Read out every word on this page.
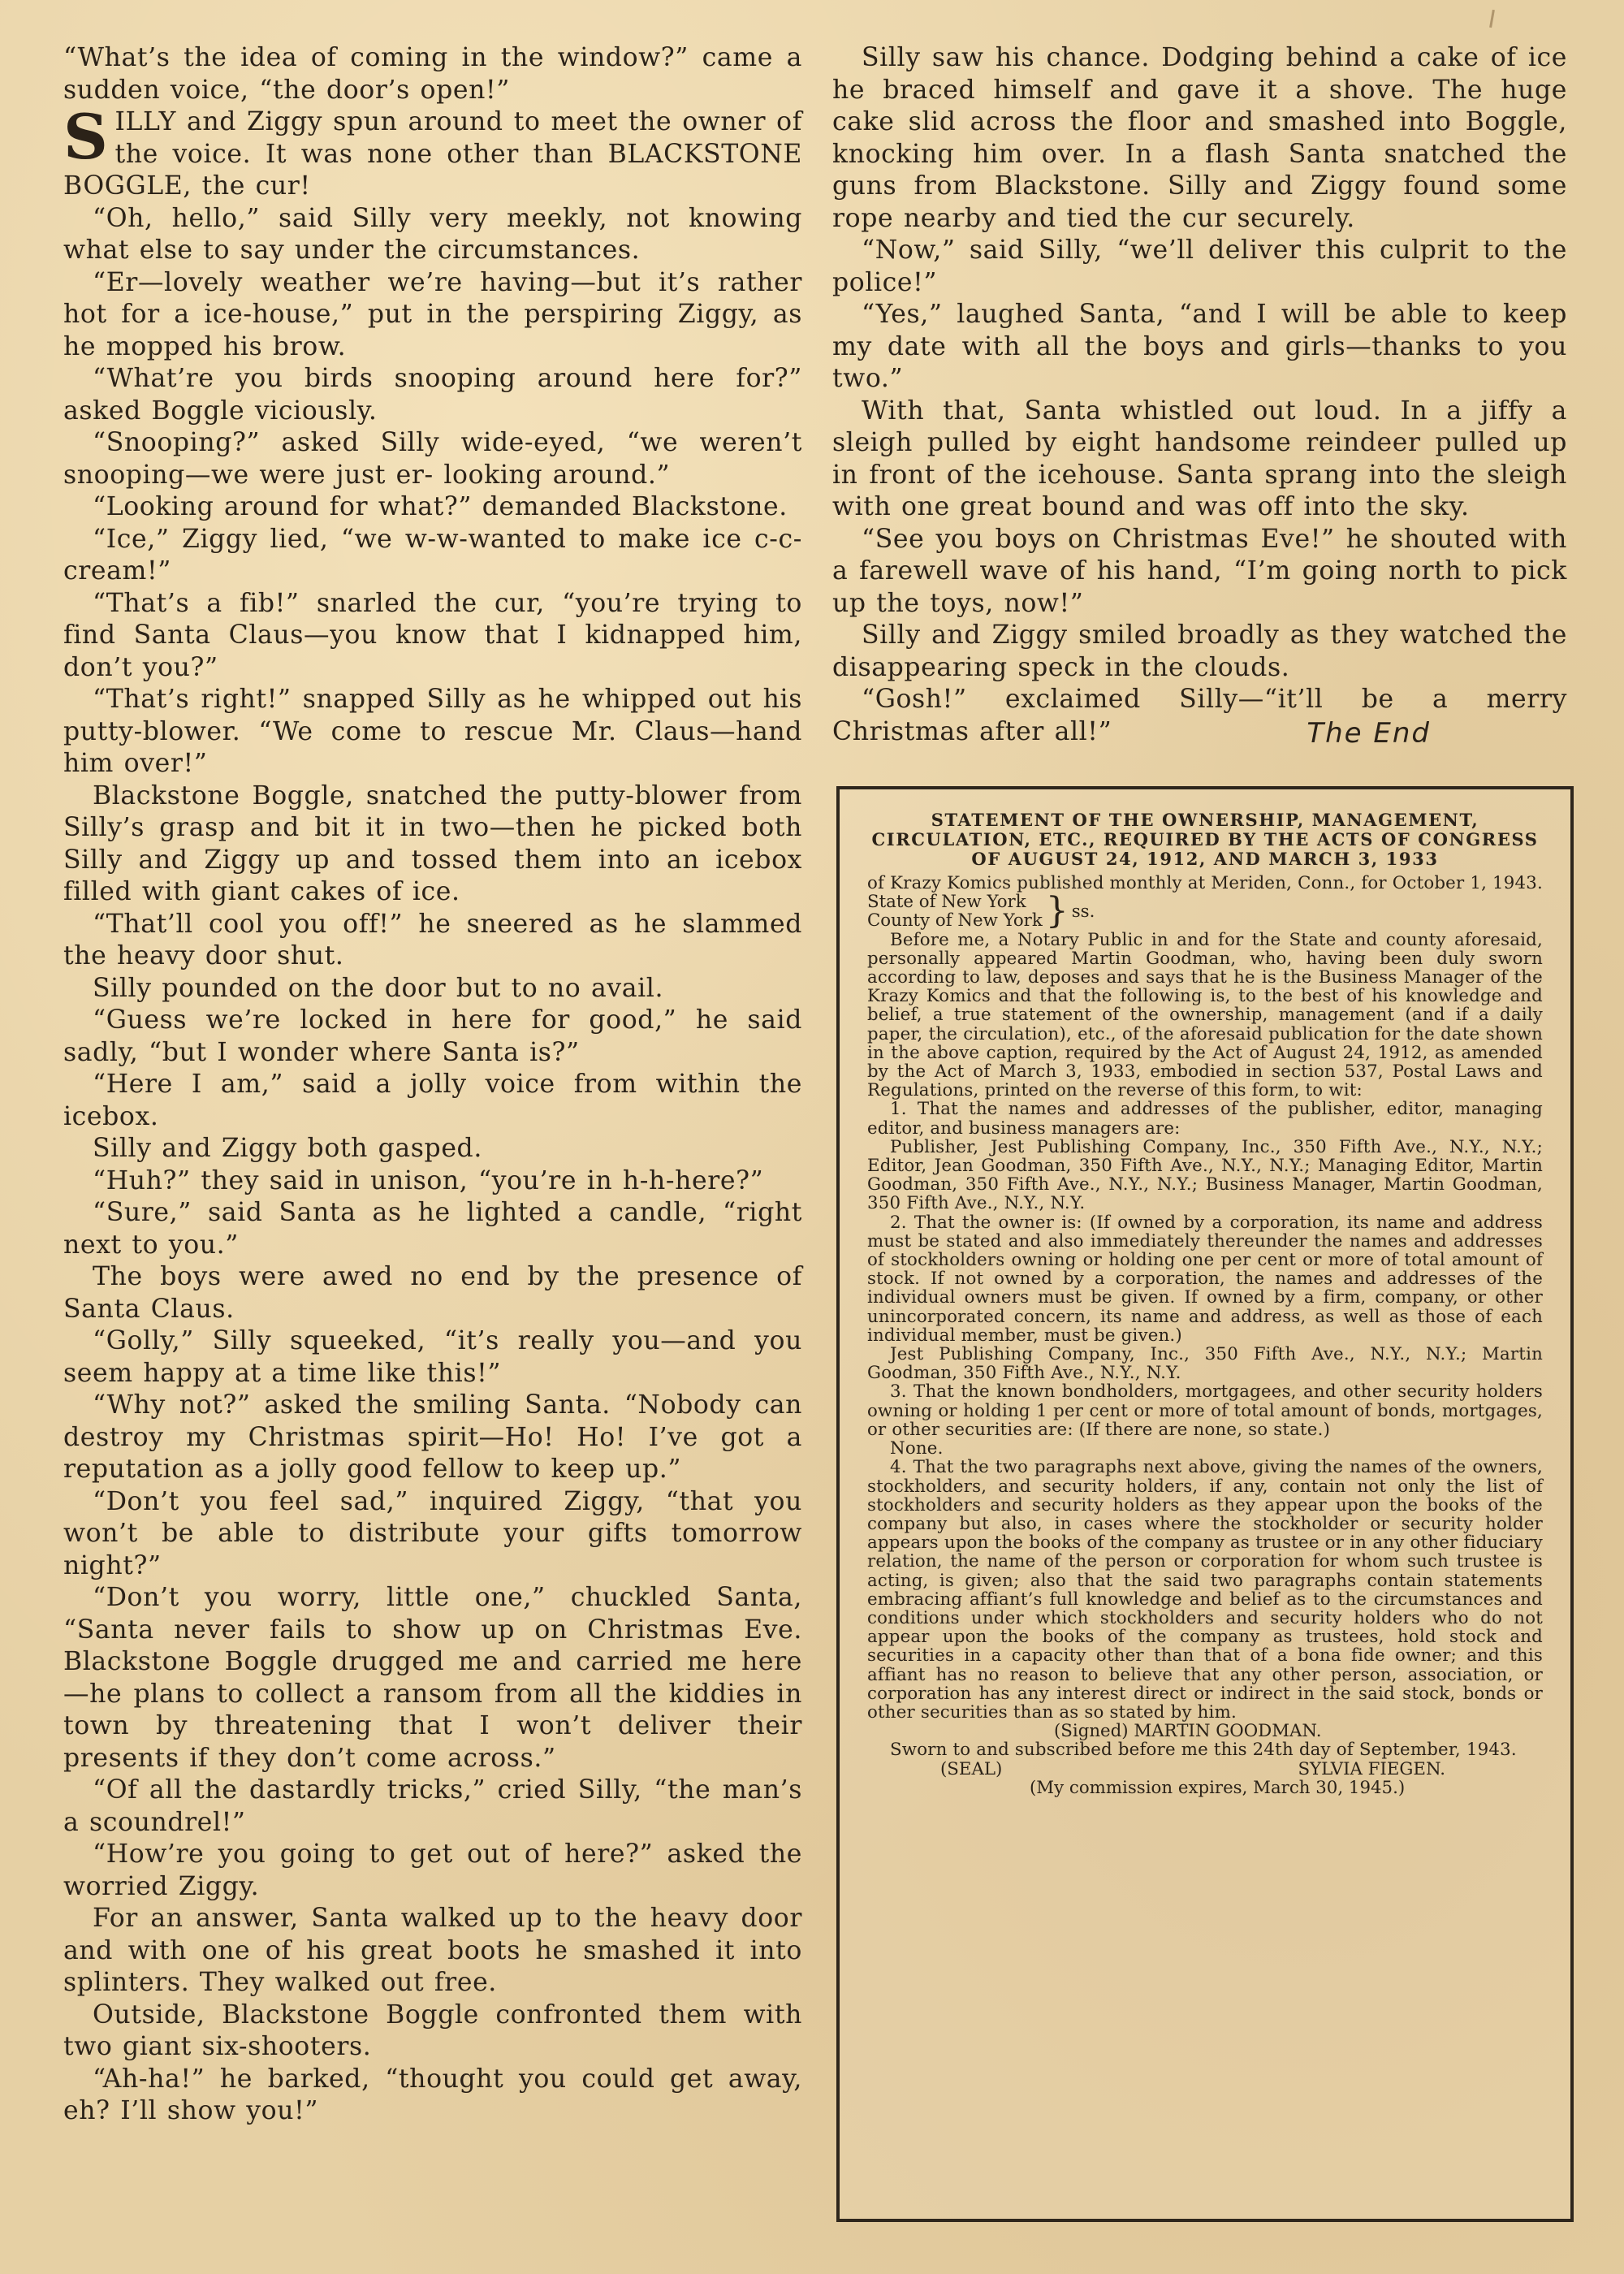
“What’s the idea of coming in the window?” came a sudden voice, “the door’s open!”

SILLY and Ziggy spun around to meet the owner of the voice. It was none other than BLACKSTONE BOGGLE, the cur!

“Oh, hello,” said Silly very meekly, not knowing what else to say under the circumstances.

“Er—lovely weather we’re having—but it’s rather hot for a ice-house,” put in the perspiring Ziggy, as he mopped his brow.

“What’re you birds snooping around here for?” asked Boggle viciously.

“Snooping?” asked Silly wide-eyed, “we weren’t snooping—we were just er- looking around.”

“Looking around for what?” demanded Blackstone.

“Ice,” Ziggy lied, “we w-w-wanted to make ice c-c-cream!”

“That’s a fib!” snarled the cur, “you’re trying to find Santa Claus—you know that I kidnapped him, don’t you?”

“That’s right!” snapped Silly as he whipped out his putty-blower. “We come to rescue Mr. Claus—hand him over!”

Blackstone Boggle, snatched the putty-blower from Silly’s grasp and bit it in two—then he picked both Silly and Ziggy up and tossed them into an icebox filled with giant cakes of ice.

“That’ll cool you off!” he sneered as he slammed the heavy door shut.

Silly pounded on the door but to no avail.

“Guess we’re locked in here for good,” he said sadly, “but I wonder where Santa is?”

“Here I am,” said a jolly voice from within the icebox.

Silly and Ziggy both gasped.

“Huh?” they said in unison, “you’re in h-h-here?”

“Sure,” said Santa as he lighted a candle, “right next to you.”

The boys were awed no end by the presence of Santa Claus.

“Golly,” Silly squeeked, “it’s really you—and you seem happy at a time like this!”

“Why not?” asked the smiling Santa. “Nobody can destroy my Christmas spirit—Ho! Ho! I’ve got a reputation as a jolly good fellow to keep up.”

“Don’t you feel sad,” inquired Ziggy, “that you won’t be able to distribute your gifts tomorrow night?”

“Don’t you worry, little one,” chuckled Santa, “Santa never fails to show up on Christmas Eve. Blackstone Boggle drugged me and carried me here—he plans to collect a ransom from all the kiddies in town by threatening that I won’t deliver their presents if they don’t come across.”

“Of all the dastardly tricks,” cried Silly, “the man’s a scoundrel!”

“How’re you going to get out of here?” asked the worried Ziggy.

For an answer, Santa walked up to the heavy door and with one of his great boots he smashed it into splinters. They walked out free.

Outside, Blackstone Boggle confronted them with two giant six-shooters.

“Ah-ha!” he barked, “thought you could get away, eh? I’ll show you!”

Silly saw his chance. Dodging behind a cake of ice he braced himself and gave it a shove. The huge cake slid across the floor and smashed into Boggle, knocking him over. In a flash Santa snatched the guns from Blackstone. Silly and Ziggy found some rope nearby and tied the cur securely.

“Now,” said Silly, “we’ll deliver this culprit to the police!”

“Yes,” laughed Santa, “and I will be able to keep my date with all the boys and girls—thanks to you two.”

With that, Santa whistled out loud. In a jiffy a sleigh pulled by eight handsome reindeer pulled up in front of the icehouse. Santa sprang into the sleigh with one great bound and was off into the sky.

“See you boys on Christmas Eve!” he shouted with a farewell wave of his hand, “I’m going north to pick up the toys, now!”

Silly and Ziggy smiled broadly as they watched the disappearing speck in the clouds.

“Gosh!” exclaimed Silly—“it’ll be a merry Christmas after all!”	The End

STATEMENT OF THE OWNERSHIP, MANAGEMENT, CIRCULATION, ETC., REQUIRED BY THE ACTS OF CONGRESS OF AUGUST 24, 1912, AND MARCH 3, 1933

of Krazy Komics published monthly at Meriden, Conn., for October 1, 1943.

State of New York
County of New York } ss.

Before me, a Notary Public in and for the State and county aforesaid, personally appeared Martin Goodman, who, having been duly sworn according to law, deposes and says that he is the Business Manager of the Krazy Komics and that the following is, to the best of his knowledge and belief, a true statement of the ownership, management (and if a daily paper, the circulation), etc., of the aforesaid publication for the date shown in the above caption, required by the Act of August 24, 1912, as amended by the Act of March 3, 1933, embodied in section 537, Postal Laws and Regulations, printed on the reverse of this form, to wit:

1. That the names and addresses of the publisher, editor, managing editor, and business managers are:

Publisher, Jest Publishing Company, Inc., 350 Fifth Ave., N.Y., N.Y.; Editor, Jean Goodman, 350 Fifth Ave., N.Y., N.Y.; Managing Editor, Martin Goodman, 350 Fifth Ave., N.Y., N.Y.; Business Manager, Martin Goodman, 350 Fifth Ave., N.Y., N.Y.

2. That the owner is: (If owned by a corporation, its name and address must be stated and also immediately thereunder the names and addresses of stockholders owning or holding one per cent or more of total amount of stock. If not owned by a corporation, the names and addresses of the individual owners must be given. If owned by a firm, company, or other unincorporated concern, its name and address, as well as those of each individual member, must be given.)

Jest Publishing Company, Inc., 350 Fifth Ave., N.Y., N.Y.; Martin Goodman, 350 Fifth Ave., N.Y., N.Y.

3. That the known bondholders, mortgagees, and other security holders owning or holding 1 per cent or more of total amount of bonds, mortgages, or other securities are: (If there are none, so state.)

None.

4. That the two paragraphs next above, giving the names of the owners, stockholders, and security holders, if any, contain not only the list of stockholders and security holders as they appear upon the books of the company but also, in cases where the stockholder or security holder appears upon the books of the company as trustee or in any other fiduciary relation, the name of the person or corporation for whom such trustee is acting, is given; also that the said two paragraphs contain statements embracing affiant’s full knowledge and belief as to the circumstances and conditions under which stockholders and security holders who do not appear upon the books of the company as trustees, hold stock and securities in a capacity other than that of a bona fide owner; and this affiant has no reason to believe that any other person, association, or corporation has any interest direct or indirect in the said stock, bonds or other securities than as so stated by him.

(Signed) MARTIN GOODMAN.

Sworn to and subscribed before me this 24th day of September, 1943.

(SEAL)	SYLVIA FIEGEN.

(My commission expires, March 30, 1945.)
